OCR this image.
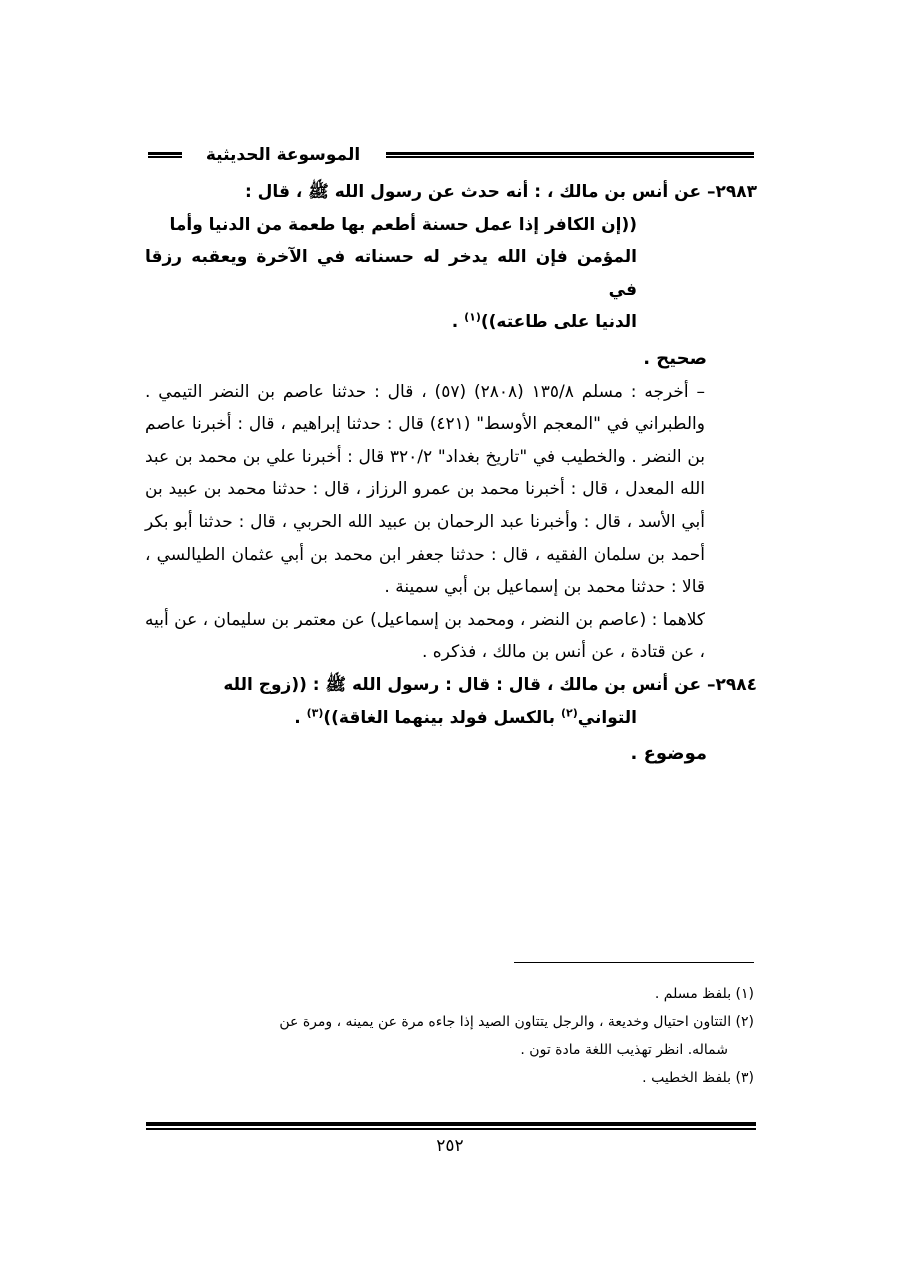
الموسوعة الحديثية

٢٩٨٣– عن أنس بن مالك ، : أنه حدث عن رسول الله ﷺ ، قال :

((إن الكافر إذا عمل حسنة أطعم بها طعمة من الدنيا وأما

المؤمن فإن الله يدخر له حسناته في الآخرة ويعقبه رزقا في

الدنيا على طاعته))$^{(١)}$ .

صحيح .

– أخرجه : مسلم ١٣٥/٨ (٢٨٠٨) (٥٧) ، قال : حدثنا عاصم بن النضر التيمي . والطبراني في "المعجم الأوسط" (٤٢١) قال : حدثنا إبراهيم ، قال : أخبرنا عاصم بن النضر . والخطيب في "تاريخ بغداد" ٣٢٠/٢ قال : أخبرنا علي بن محمد بن عبد الله المعدل ، قال : أخبرنا محمد بن عمرو الرزاز ، قال : حدثنا محمد بن عبيد بن أبي الأسد ، قال : وأخبرنا عبد الرحمان بن عبيد الله الحربي ، قال : حدثنا أبو بكر أحمد بن سلمان الفقيه ، قال : حدثنا جعفر ابن محمد بن أبي عثمان الطيالسي ، قالا : حدثنا محمد بن إسماعيل بن أبي سمينة .

كلاهما : (عاصم بن النضر ، ومحمد بن إسماعيل) عن معتمر بن سليمان ، عن أبيه ، عن قتادة ، عن أنس بن مالك ، فذكره .

٢٩٨٤– عن أنس بن مالك ، قال : قال : رسول الله ﷺ : ((زوج الله

التواني$^{(٢)}$ بالكسل فولد بينهما الغاقة))$^{(٣)}$ .

موضوع .

(١) بلفظ مسلم .

(٢) التتاون احتيال وخديعة ، والرجل يتتاون الصيد إذا جاءه مرة عن يمينه ، ومرة عن

شماله. انظر تهذيب اللغة مادة تون .

(٣) بلفظ الخطيب .

٢٥٢
